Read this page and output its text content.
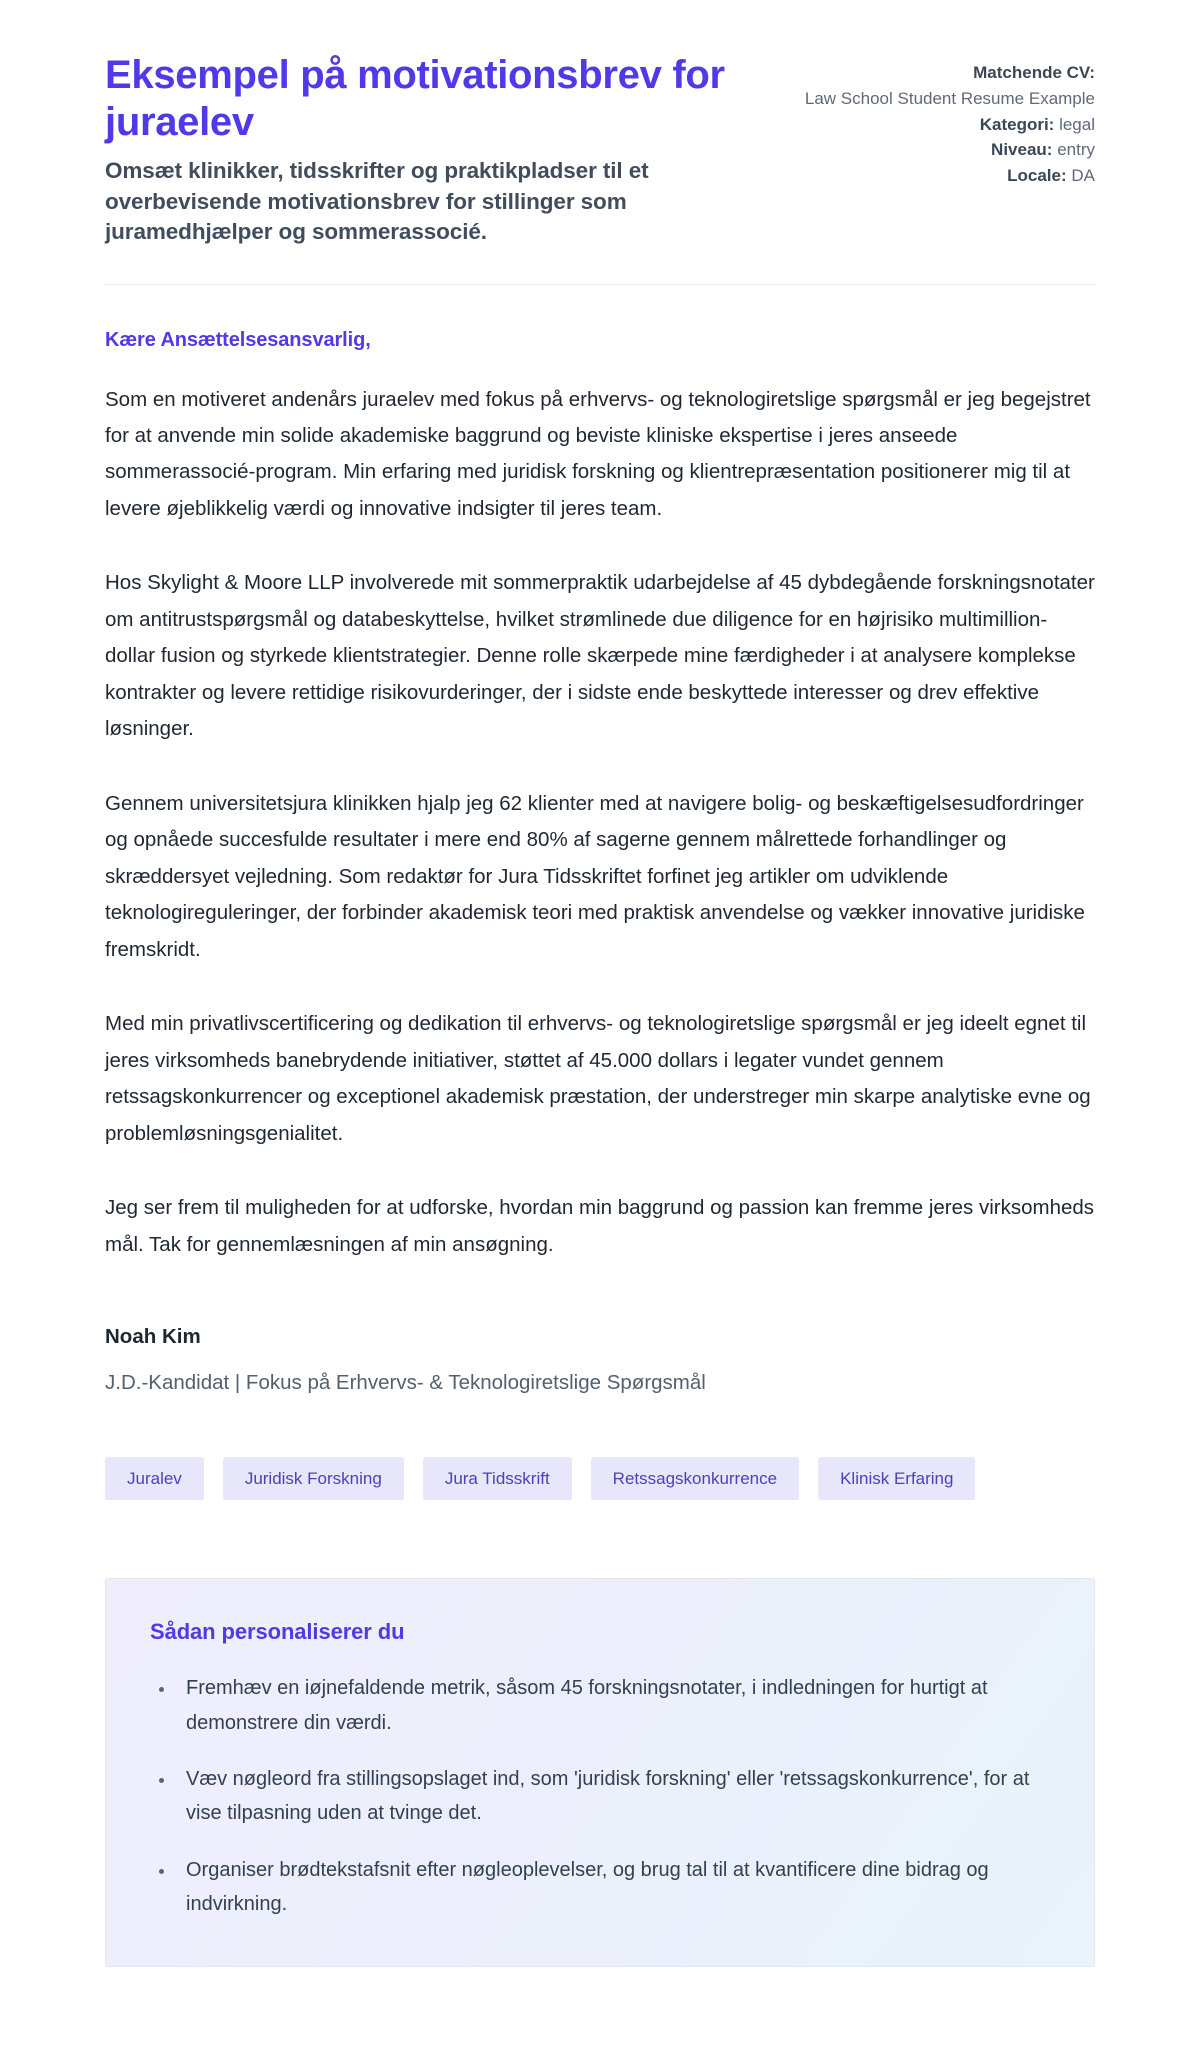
Eksempel på motivationsbrev for juraelev

Omsæt klinikker, tidsskrifter og praktikpladser til et overbevisende motivationsbrev for stillinger som juramedhjælper og sommerassocié.

Matchende CV:
Law School Student Resume Example
Kategori: legal
Niveau: entry
Locale: DA

Kære Ansættelsesansvarlig,

Som en motiveret andenårs juraelev med fokus på erhvervs- og teknologiretslige spørgsmål er jeg begejstret for at anvende min solide akademiske baggrund og beviste kliniske ekspertise i jeres anseede sommerassocié-program. Min erfaring med juridisk forskning og klientrepræsentation positionerer mig til at levere øjeblikkelig værdi og innovative indsigter til jeres team.

Hos Skylight & Moore LLP involverede mit sommerpraktik udarbejdelse af 45 dybdegående forskningsnotater om antitrustspørgsmål og databeskyttelse, hvilket strømlinede due diligence for en højrisiko multimillion-dollar fusion og styrkede klientstrategier. Denne rolle skærpede mine færdigheder i at analysere komplekse kontrakter og levere rettidige risikovurderinger, der i sidste ende beskyttede interesser og drev effektive løsninger.

Gennem universitetsjura klinikken hjalp jeg 62 klienter med at navigere bolig- og beskæftigelsesudfordringer og opnåede succesfulde resultater i mere end 80% af sagerne gennem målrettede forhandlinger og skræddersyet vejledning. Som redaktør for Jura Tidsskriftet forfinet jeg artikler om udviklende teknologireguleringer, der forbinder akademisk teori med praktisk anvendelse og vækker innovative juridiske fremskridt.

Med min privatlivscertificering og dedikation til erhvervs- og teknologiretslige spørgsmål er jeg ideelt egnet til jeres virksomheds banebrydende initiativer, støttet af 45.000 dollars i legater vundet gennem retssagskonkurrencer og exceptionel akademisk præstation, der understreger min skarpe analytiske evne og problemløsningsgenialitet.

Jeg ser frem til muligheden for at udforske, hvordan min baggrund og passion kan fremme jeres virksomheds mål. Tak for gennemlæsningen af min ansøgning.

Noah Kim

J.D.-Kandidat | Fokus på Erhvervs- & Teknologiretslige Spørgsmål

Juralev	Juridisk Forskning	Jura Tidsskrift	Retssagskonkurrence	Klinisk Erfaring
Sådan personaliserer du
• Fremhæv en iøjnefaldende metrik, såsom 45 forskningsnotater, i indledningen for hurtigt at demonstrere din værdi.
• Væv nøgleord fra stillingsopslaget ind, som 'juridisk forskning' eller 'retssagskonkurrence', for at vise tilpasning uden at tvinge det.
• Organiser brødtekstafsnit efter nøgleoplevelser, og brug tal til at kvantificere dine bidrag og indvirkning.
